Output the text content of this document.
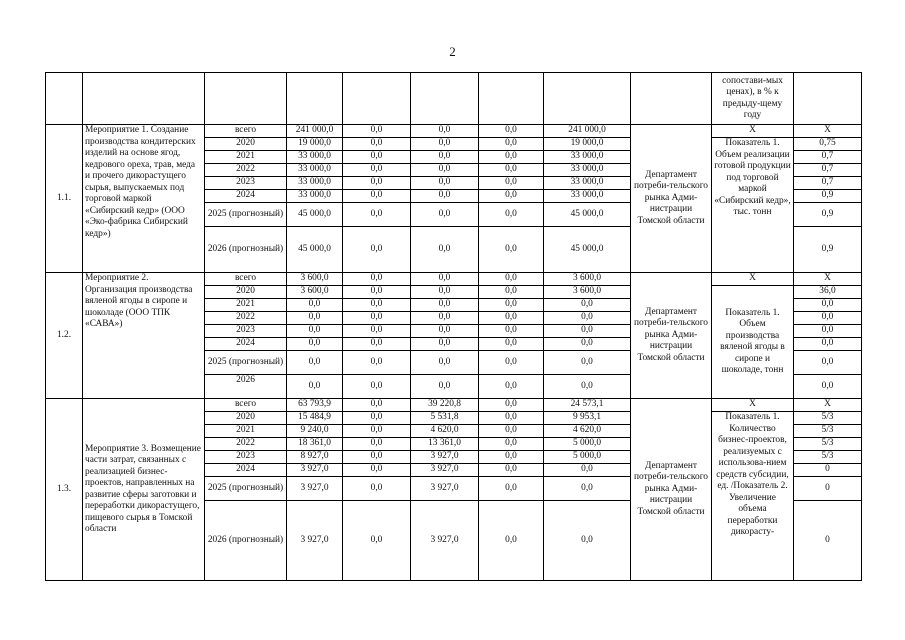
2
									сопостави-мых ценах), в % к предыду-щему году	
1.1.	Мероприятие 1. Создание производства кондитерских изделий на основе ягод, кедрового ореха, трав, меда и прочего дикорастущего сырья, выпускаемых под торговой маркой «Сибирский кедр» (ООО «Эко-фабрика Сибирский кедр»)	всего	241 000,0	0,0	0,0	0,0	241 000,0	Департамент потреби-тельского рынка Адми-нистрации Томской области	Х	Х
		2020	19 000,0	0,0	0,0	0,0	19 000,0		Показатель 1. Объем реализации готовой продукции под торговой маркой «Сибирский кедр», тыс. тонн	0,75
		2021	33 000,0	0,0	0,0	0,0	33 000,0			0,7
		2022	33 000,0	0,0	0,0	0,0	33 000,0			0,7
		2023	33 000,0	0,0	0,0	0,0	33 000,0			0,7
		2024	33 000,0	0,0	0,0	0,0	33 000,0			0,9
		2025 (прогнозный)	45 000,0	0,0	0,0	0,0	45 000,0			0,9
		2026 (прогнозный)	45 000,0	0,0	0,0	0,0	45 000,0			0,9
1.2.	Мероприятие 2. Организация производства вяленой ягоды в сиропе и шоколаде (ООО ТПК «САВА»)	всего	3 600,0	0,0	0,0	0,0	3 600,0	Департамент потреби-тельского рынка Адми-нистрации Томской области	Х	Х
		2020	3 600,0	0,0	0,0	0,0	3 600,0		Показатель 1. Объем производства вяленой ягоды в сиропе и шоколаде, тонн	36,0
		2021	0,0	0,0	0,0	0,0	0,0			0,0
		2022	0,0	0,0	0,0	0,0	0,0			0,0
		2023	0,0	0,0	0,0	0,0	0,0			0,0
		2024	0,0	0,0	0,0	0,0	0,0			0,0
		2025 (прогнозный)	0,0	0,0	0,0	0,0	0,0			0,0
		2026	0,0	0,0	0,0	0,0	0,0			0,0
1.3.	Мероприятие 3. Возмещение части затрат, связанных с реализацией бизнес-проектов, направленных на развитие сферы заготовки и переработки дикорастущего, пищевого сырья в Томской области	всего	63 793,9	0,0	39 220,8	0,0	24 573,1	Департамент потреби-тельского рынка Адми-нистрации Томской области	Х	Х
		2020	15 484,9	0,0	5 531,8	0,0	9 953,1		Показатель 1. Количество бизнес-проектов, реализуемых с использова-нием средств субсидии, ед. /Показатель 2. Увеличение объема переработки дикорасту-	5/3
		2021	9 240,0	0,0	4 620,0	0,0	4 620,0			5/3
		2022	18 361,0	0,0	13 361,0	0,0	5 000,0			5/3
		2023	8 927,0	0,0	3 927,0	0,0	5 000,0			5/3
		2024	3 927,0	0,0	3 927,0	0,0	0,0			0
		2025 (прогнозный)	3 927,0	0,0	3 927,0	0,0	0,0			0
		2026 (прогнозный)	3 927,0	0,0	3 927,0	0,0	0,0			0
